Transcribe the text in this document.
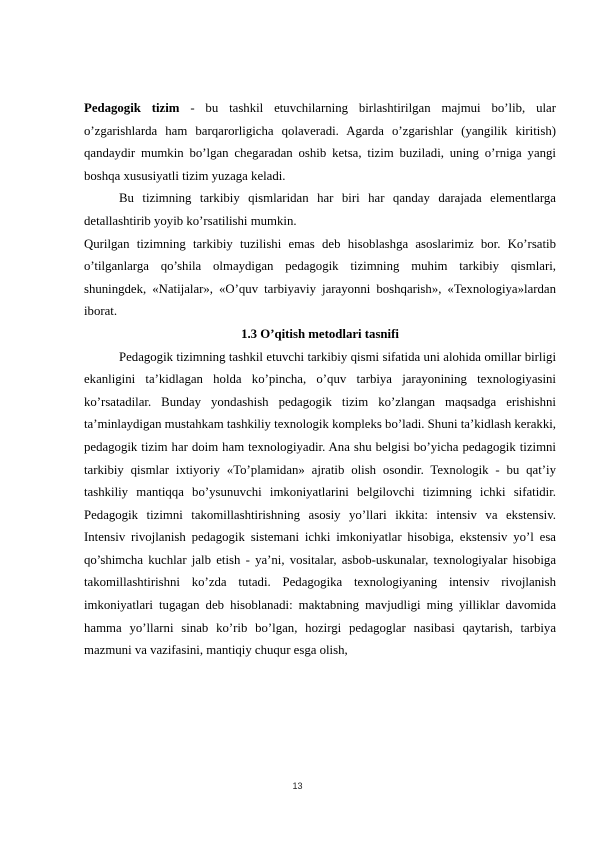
Pedagogik tizim - bu tashkil etuvchilarning birlashtirilgan majmui bo’lib, ular o’zgarishlarda ham barqarorligicha qolaveradi. Agarda o’zgarishlar (yangilik kiritish) qandaydir mumkin bo’lgan chegaradan oshib ketsa, tizim buziladi, uning o’rniga yangi boshqa xususiyatli tizim yuzaga keladi.

Bu tizimning tarkibiy qismlaridan har biri har qanday darajada elementlarga detallashtirib yoyib ko’rsatilishi mumkin.

Qurilgan tizimning tarkibiy tuzilishi emas deb hisoblashga asoslarimiz bor. Ko’rsatib o’tilganlarga qo’shila olmaydigan pedagogik tizimning muhim tarkibiy qismlari, shuningdek, «Natijalar», «O’quv tarbiyaviy jarayonni boshqarish», «Texnologiya»lardan iborat.

1.3 O’qitish metodlari tasnifi

Pedagogik tizimning tashkil etuvchi tarkibiy qismi sifatida uni alohida omillar birligi ekanligini ta’kidlagan holda ko’pincha, o’quv tarbiya jarayonining texnologiyasini ko’rsatadilar. Bunday yondashish pedagogik tizim ko’zlangan maqsadga erishishni ta’minlaydigan mustahkam tashkiliy texnologik kompleks bo’ladi. Shuni ta’kidlash kerakki, pedagogik tizim har doim ham texnologiyadir. Ana shu belgisi bo’yicha pedagogik tizimni tarkibiy qismlar ixtiyoriy «To’plamidan» ajratib olish osondir. Texnologik - bu qat’iy tashkiliy mantiqqa bo’ysunuvchi imkoniyatlarini belgilovchi tizimning ichki sifatidir. Pedagogik tizimni takomillashtirishning asosiy yo’llari ikkita: intensiv va ekstensiv. Intensiv rivojlanish pedagogik sistemani ichki imkoniyatlar hisobiga, ekstensiv yo’l esa qo’shimcha kuchlar jalb etish - ya’ni, vositalar, asbob-uskunalar, texnologiyalar hisobiga takomillashtirishni ko’zda tutadi. Pedagogika texnologiyaning intensiv rivojlanish imkoniyatlari tugagan deb hisoblanadi: maktabning mavjudligi ming yilliklar davomida hamma yo’llarni sinab ko’rib bo’lgan, hozirgi pedagoglar nasibasi qaytarish, tarbiya mazmuni va vazifasini, mantiqiy chuqur esga olish,

13
